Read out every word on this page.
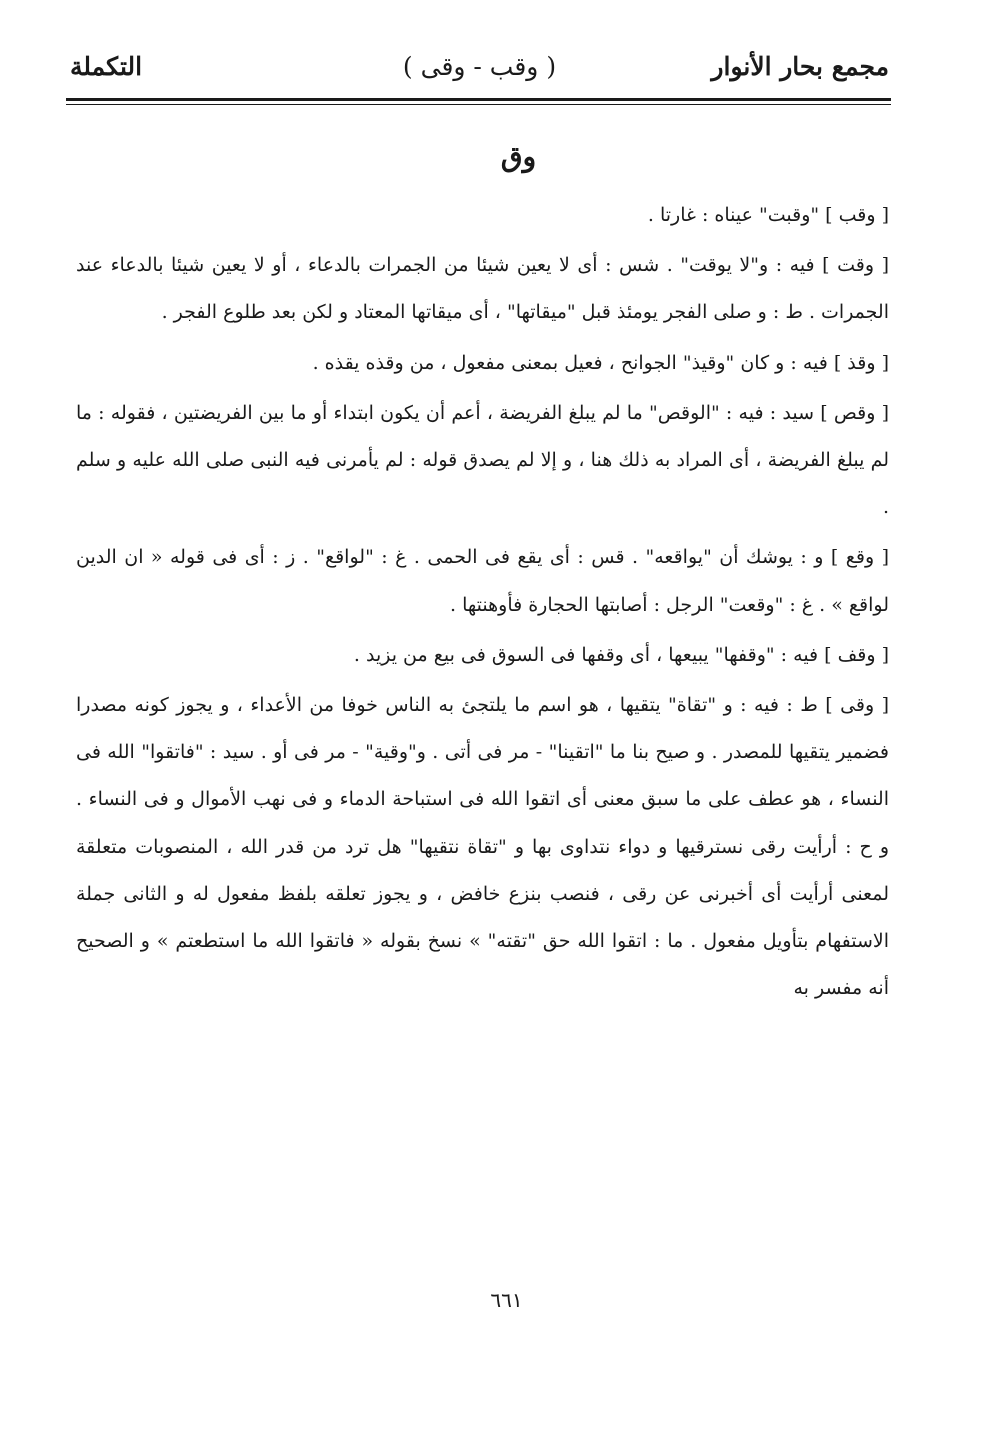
مجمع بحار الأنوار
( وقب - وقى )
التكملة
وق

[ وقب ] "وقبت" عيناه : غارتا .

[ وقت ] فيه : و"لا يوقت" . شس : أى لا يعين شيئا من الجمرات بالدعاء ، أو لا يعين شيئا بالدعاء عند الجمرات . ط : و صلى الفجر يومئذ قبل "ميقاتها" ، أى ميقاتها المعتاد و لكن بعد طلوع الفجر .

[ وقذ ] فيه : و كان "وقيذ" الجوانح ، فعيل بمعنى مفعول ، من وقذه يقذه .

[ وقص ] سيد : فيه : "الوقص" ما لم يبلغ الفريضة ، أعم أن يكون ابتداء أو ما بين الفريضتين ، فقوله : ما لم يبلغ الفريضة ، أى المراد به ذلك هنا ، و إلا لم يصدق قوله : لم يأمرنى فيه النبى صلى الله عليه و سلم .

[ وقع ] و : يوشك أن "يواقعه" . قس : أى يقع فى الحمى . غ : "لواقع" . ز : أى فى قوله « ان الدين لواقع » . غ : "وقعت" الرجل : أصابتها الحجارة فأوهنتها .

[ وقف ] فيه : "وقفها" يبيعها ، أى وقفها فى السوق فى بيع من يزيد .

[ وقى ] ط : فيه : و "تقاة" يتقيها ، هو اسم ما يلتجئ به الناس خوفا من الأعداء ، و يجوز كونه مصدرا فضمير يتقيها للمصدر . و صيح بنا ما "اتقينا" - مر فى أتى . و"وقية" - مر فى أو . سيد : "فاتقوا" الله فى النساء ، هو عطف على ما سبق معنى أى اتقوا الله فى استباحة الدماء و فى نهب الأموال و فى النساء . و ح : أرأيت رقى نسترقيها و دواء نتداوى بها و "تقاة نتقيها" هل ترد من قدر الله ، المنصوبات متعلقة لمعنى أرأيت أى أخبرنى عن رقى ، فنصب بنزع خافض ، و يجوز تعلقه بلفظ مفعول له و الثانى جملة الاستفهام بتأويل مفعول . ما : اتقوا الله حق "تقته" » نسخ بقوله « فاتقوا الله ما استطعتم » و الصحيح أنه مفسر به

٦٦١
